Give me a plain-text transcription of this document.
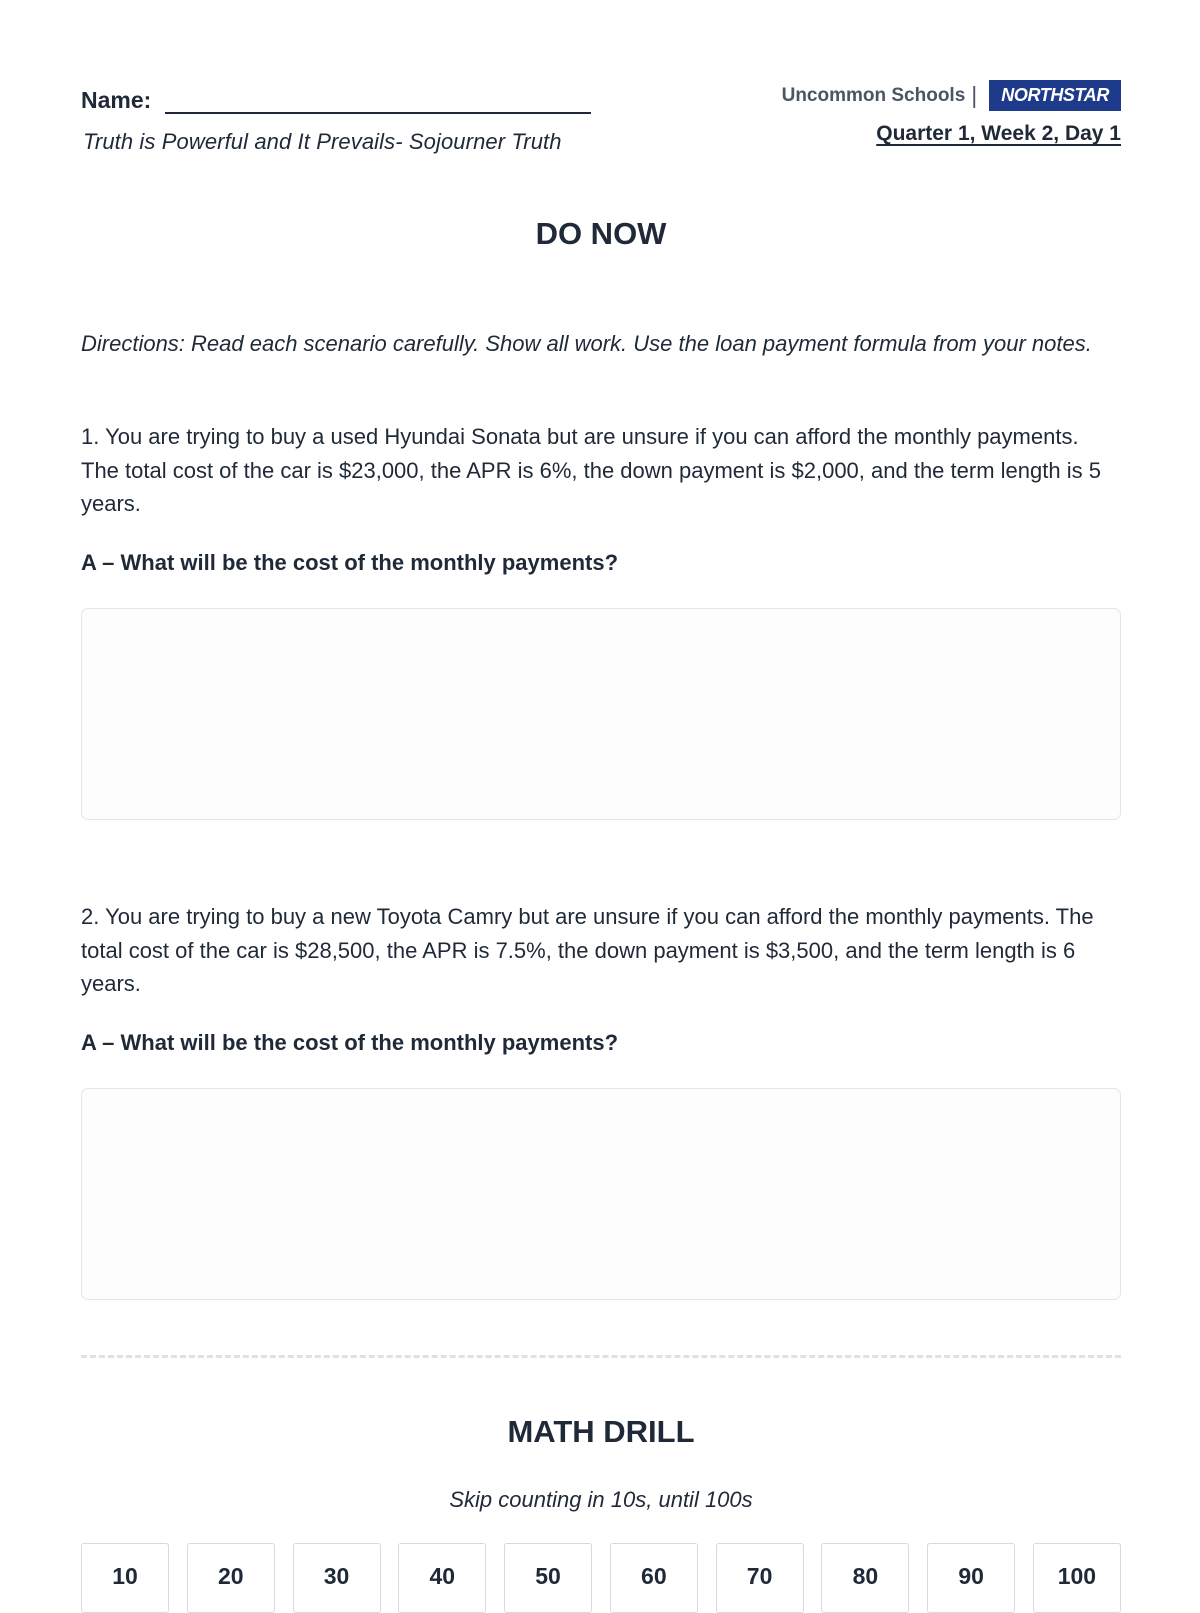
Name:
Truth is Powerful and It Prevails- Sojourner Truth
Uncommon Schools |	NORTHSTAR
Quarter 1, Week 2, Day 1
DO NOW
Directions: Read each scenario carefully. Show all work. Use the loan payment formula from your notes.
1. You are trying to buy a used Hyundai Sonata but are unsure if you can afford the monthly payments. The total cost of the car is $23,000, the APR is 6%, the down payment is $2,000, and the term length is 5 years.
A – What will be the cost of the monthly payments?
2. You are trying to buy a new Toyota Camry but are unsure if you can afford the monthly payments. The total cost of the car is $28,500, the APR is 7.5%, the down payment is $3,500, and the term length is 6 years.
A – What will be the cost of the monthly payments?
MATH DRILL
Skip counting in 10s, until 100s
10	20	30	40	50	60	70	80	90	100
